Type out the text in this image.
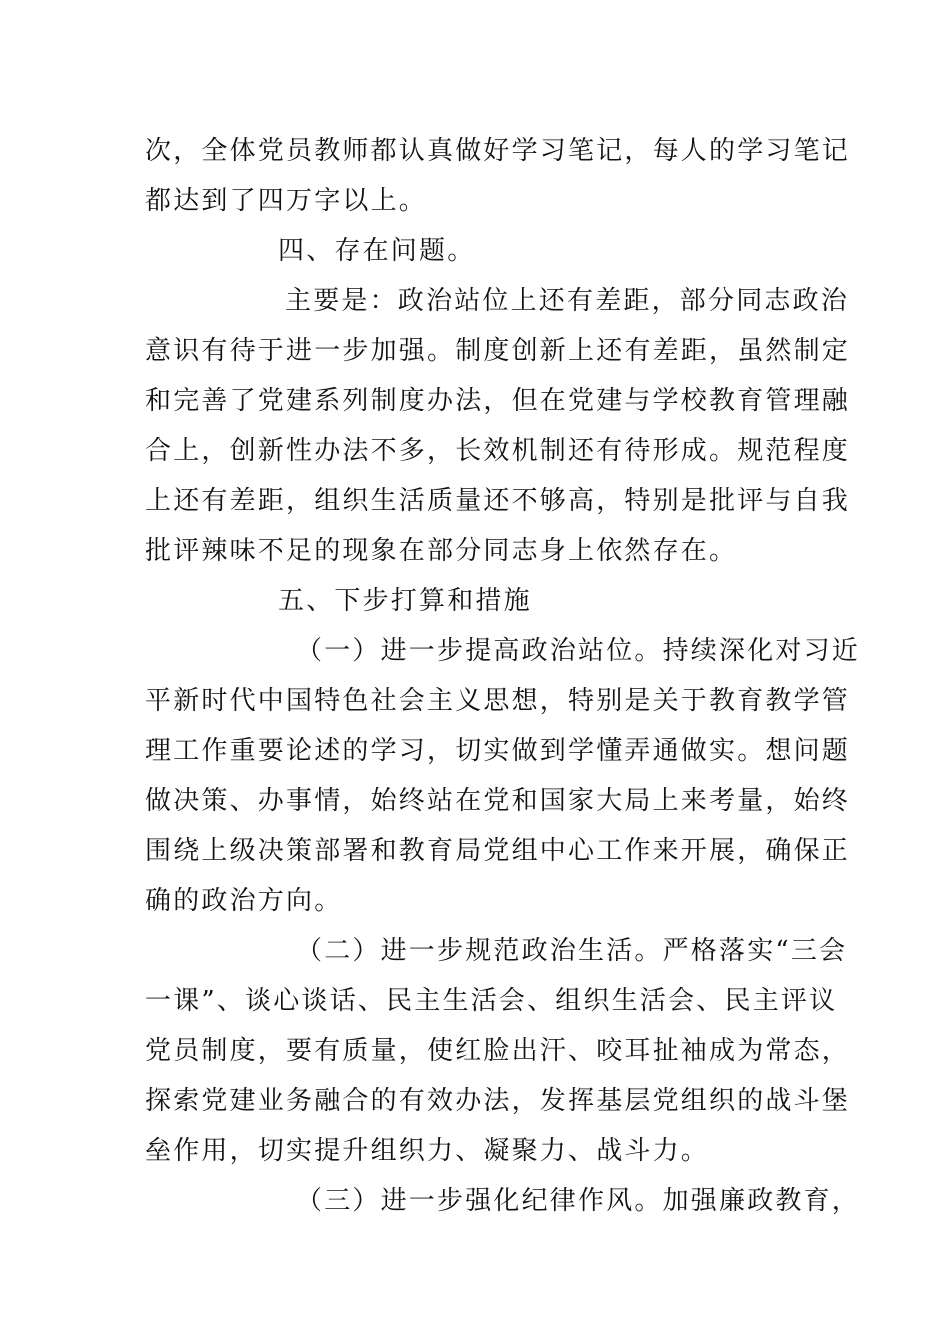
次，全体党员教师都认真做好学习笔记，每人的学习笔记
都达到了四万字以上。
四、存在问题。
主要是：政治站位上还有差距，部分同志政治
意识有待于进一步加强。制度创新上还有差距，虽然制定
和完善了党建系列制度办法，但在党建与学校教育管理融
合上，创新性办法不多，长效机制还有待形成。规范程度
上还有差距，组织生活质量还不够高，特别是批评与自我
批评辣味不足的现象在部分同志身上依然存在。
五、下步打算和措施
（一）进一步提高政治站位。持续深化对习近
平新时代中国特色社会主义思想，特别是关于教育教学管
理工作重要论述的学习，切实做到学懂弄通做实。想问题
做决策、办事情，始终站在党和国家大局上来考量，始终
围绕上级决策部署和教育局党组中心工作来开展，确保正
确的政治方向。
（二）进一步规范政治生活。严格落实“三会
一课”、谈心谈话、民主生活会、组织生活会、民主评议
党员制度，要有质量，使红脸出汗、咬耳扯袖成为常态，
探索党建业务融合的有效办法，发挥基层党组织的战斗堡
垒作用，切实提升组织力、凝聚力、战斗力。
（三）进一步强化纪律作风。加强廉政教育，
